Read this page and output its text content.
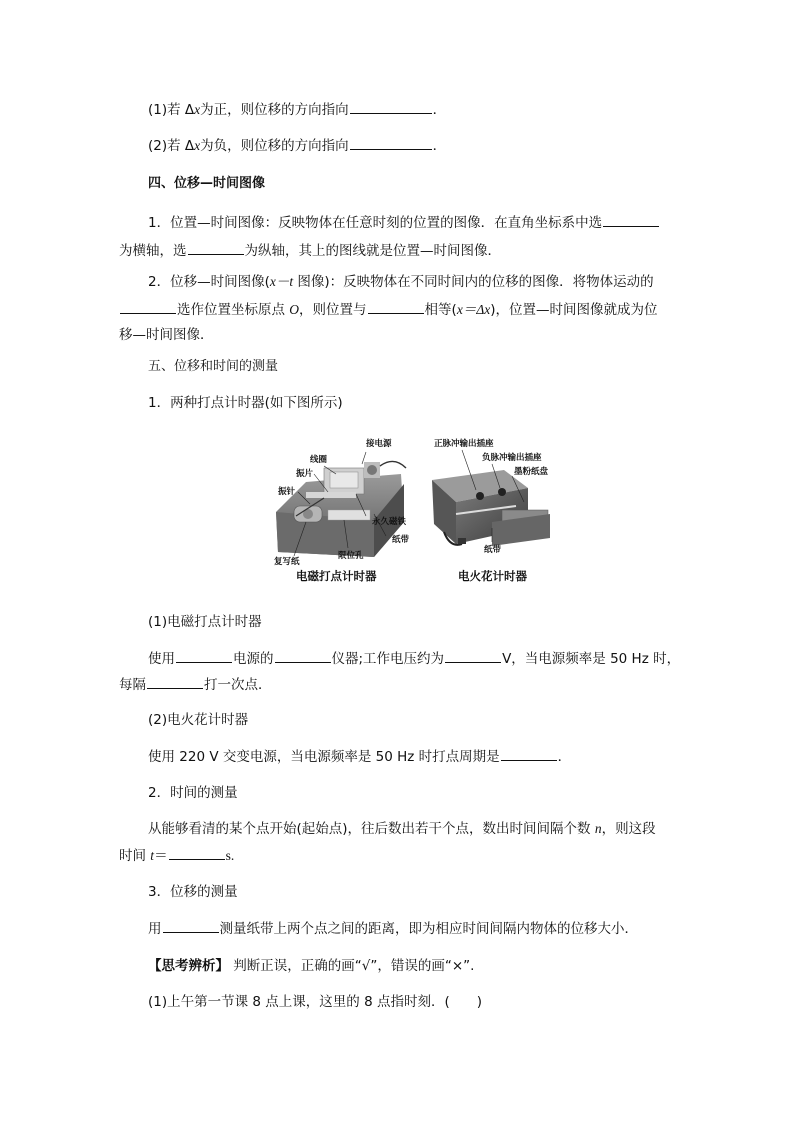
(1)若 Δx为正，则位移的方向指向	．
(2)若 Δx为负，则位移的方向指向	．
四、位移—时间图像
1．位置—时间图像：反映物体在任意时刻的位置的图像．在直角坐标系中选
为横轴，选	为纵轴，其上的图线就是位置—时间图像．
2．位移—时间图像(x－t 图像)：反映物体在不同时间内的位移的图像．将物体运动的
选作位置坐标原点 O，则位置与	相等(x＝Δx)，位置—时间图像就成为位
移—时间图像．
五、位移和时间的测量
1．两种打点计时器(如下图所示)
接电源
线圈
振片
振针
永久磁铁
纸带
限位孔
复写纸
正脉冲输出插座
负脉冲输出插座
墨粉纸盘
纸带
电磁打点计时器	电火花计时器
(1)电磁打点计时器
使用	电源的	仪器;工作电压约为	V，当电源频率是 50 Hz 时，
每隔	打一次点．
(2)电火花计时器
使用 220 V 交变电源，当电源频率是 50 Hz 时打点周期是	．
2．时间的测量
从能够看清的某个点开始(起始点)，往后数出若干个点，数出时间间隔个数 n，则这段
时间 t＝	s.
3．位移的测量
用	测量纸带上两个点之间的距离，即为相应时间间隔内物体的位移大小．
【思考辨析】 判断正误，正确的画“√”，错误的画“×”.
(1)上午第一节课 8 点上课，这里的 8 点指时刻．(　　)
